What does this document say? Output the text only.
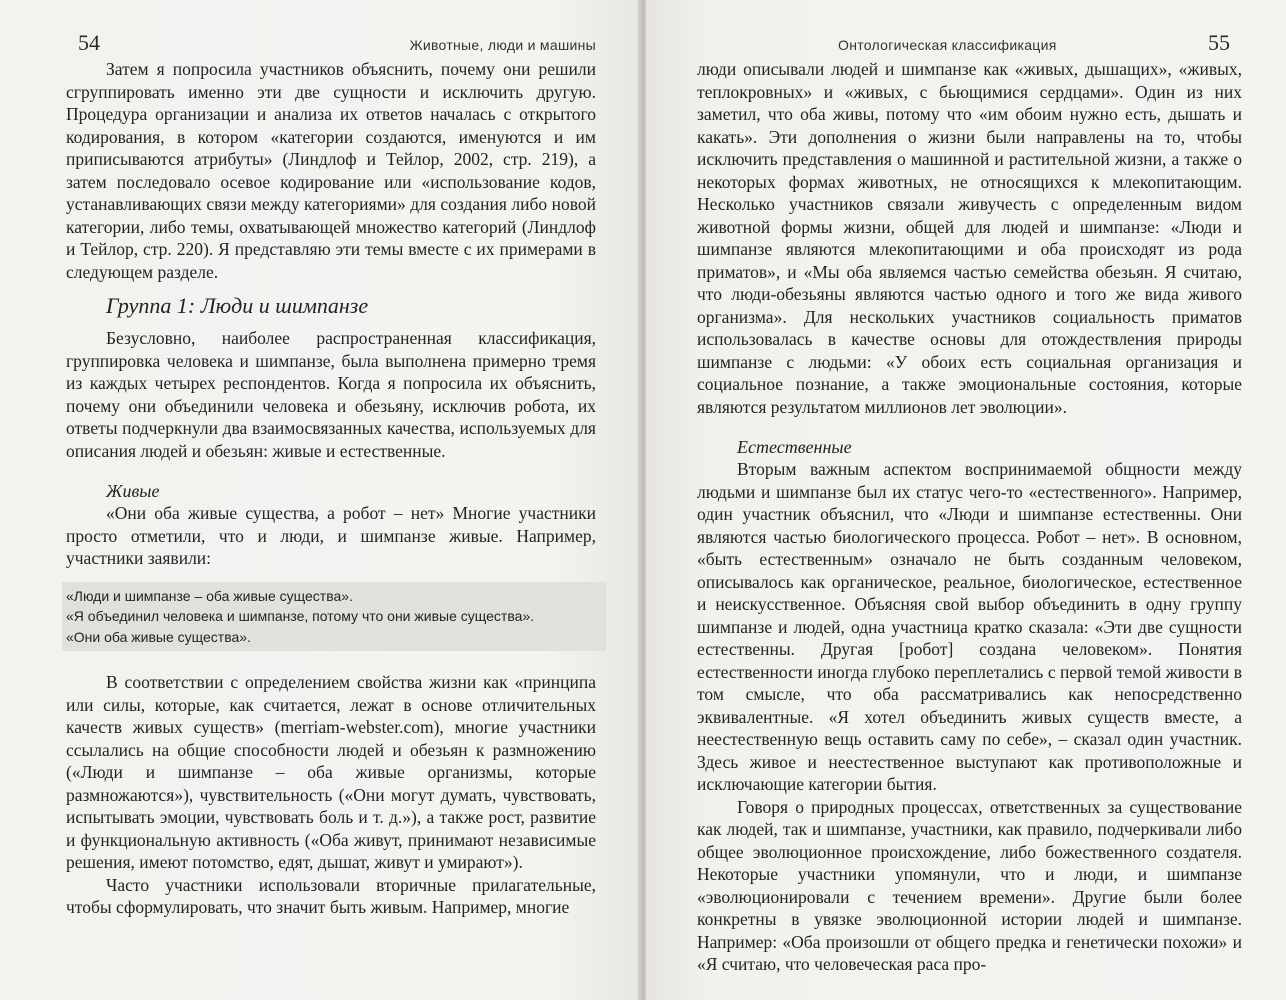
54	Животные, люди и машины

Затем я попросила участников объяснить, почему они решили сгруппировать именно эти две сущности и исключить другую. Процедура организации и анализа их ответов началась с открытого кодирования, в котором «категории создаются, именуются и им приписываются атрибуты» (Линдлоф и Тейлор, 2002, стр. 219), а затем последовало осевое кодирование или «использование кодов, устанавливающих связи между категориями» для создания либо новой категории, либо темы, охватывающей множество категорий (Линдлоф и Тейлор, стр. 220). Я представляю эти темы вместе с их примерами в следующем разделе.

Группа 1: Люди и шимпанзе

Безусловно, наиболее распространенная классификация, группировка человека и шимпанзе, была выполнена примерно тремя из каждых четырех респондентов. Когда я попросила их объяснить, почему они объединили человека и обезьяну, исключив робота, их ответы подчеркнули два взаимосвязанных качества, используемых для описания людей и обезьян: живые и естественные.

Живые

«Они оба живые существа, а робот – нет» Многие участники просто отметили, что и люди, и шимпанзе живые. Например, участники заявили:

«Люди и шимпанзе – оба живые существа».
«Я объединил человека и шимпанзе, потому что они живые существа».
«Они оба живые существа».

В соответствии с определением свойства жизни как «принципа или силы, которые, как считается, лежат в основе отличительных качеств живых существ» (merriam-webster.com), многие участники ссылались на общие способности людей и обезьян к размножению («Люди и шимпанзе – оба живые организмы, которые размножаются»), чувствительность («Они могут думать, чувствовать, испытывать эмоции, чувствовать боль и т. д.»), а также рост, развитие и функциональную активность («Оба живут, принимают независимые решения, имеют потомство, едят, дышат, живут и умирают»).

Часто участники использовали вторичные прилагательные, чтобы сформулировать, что значит быть живым. Например, многие

Онтологическая классификация	55

люди описывали людей и шимпанзе как «живых, дышащих», «живых, теплокровных» и «живых, с бьющимися сердцами». Один из них заметил, что оба живы, потому что «им обоим нужно есть, дышать и какать». Эти дополнения о жизни были направлены на то, чтобы исключить представления о машинной и растительной жизни, а также о некоторых формах животных, не относящихся к млекопитающим. Несколько участников связали живучесть с определенным видом животной формы жизни, общей для людей и шимпанзе: «Люди и шимпанзе являются млекопитающими и оба происходят из рода приматов», и «Мы оба являемся частью семейства обезьян. Я считаю, что люди-обезьяны являются частью одного и того же вида живого организма». Для нескольких участников социальность приматов использовалась в качестве основы для отождествления природы шимпанзе с людьми: «У обоих есть социальная организация и социальное познание, а также эмоциональные состояния, которые являются результатом миллионов лет эволюции».

Естественные

Вторым важным аспектом воспринимаемой общности между людьми и шимпанзе был их статус чего-то «естественного». Например, один участник объяснил, что «Люди и шимпанзе естественны. Они являются частью биологического процесса. Робот – нет». В основном, «быть естественным» означало не быть созданным человеком, описывалось как органическое, реальное, биологическое, естественное и неискусственное. Объясняя свой выбор объединить в одну группу шимпанзе и людей, одна участница кратко сказала: «Эти две сущности естественны. Другая [робот] создана человеком». Понятия естественности иногда глубоко переплетались с первой темой живости в том смысле, что оба рассматривались как непосредственно эквивалентные. «Я хотел объединить живых существ вместе, а неестественную вещь оставить саму по себе», – сказал один участник. Здесь живое и неестественное выступают как противоположные и исключающие категории бытия.

Говоря о природных процессах, ответственных за существование как людей, так и шимпанзе, участники, как правило, подчеркивали либо общее эволюционное происхождение, либо божественного создателя. Некоторые участники упомянули, что и люди, и шимпанзе «эволюционировали с течением времени». Другие были более конкретны в увязке эволюционной истории людей и шимпанзе. Например: «Оба произошли от общего предка и генетически похожи» и «Я считаю, что человеческая раса про-
